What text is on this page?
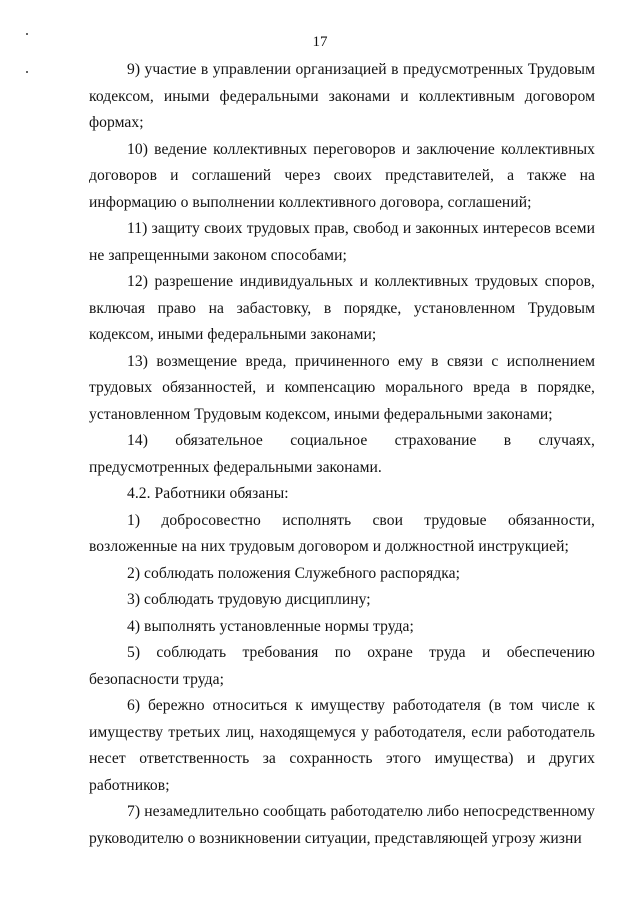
17

9) участие в управлении организацией в предусмотренных Трудовым кодексом, иными федеральными законами и коллективным договором формах;

10) ведение коллективных переговоров и заключение коллективных договоров и соглашений через своих представителей, а также на информацию о выполнении коллективного договора, соглашений;

11) защиту своих трудовых прав, свобод и законных интересов всеми не запрещенными законом способами;

12) разрешение индивидуальных и коллективных трудовых споров, включая право на забастовку, в порядке, установленном Трудовым кодексом, иными федеральными законами;

13) возмещение вреда, причиненного ему в связи с исполнением трудовых обязанностей, и компенсацию морального вреда в порядке, установленном Трудовым кодексом, иными федеральными законами;

14) обязательное социальное страхование в случаях, предусмотренных федеральными законами.

4.2. Работники обязаны:

1) добросовестно исполнять свои трудовые обязанности, возложенные на них трудовым договором и должностной инструкцией;

2) соблюдать положения Служебного распорядка;

3) соблюдать трудовую дисциплину;

4) выполнять установленные нормы труда;

5) соблюдать требования по охране труда и обеспечению безопасности труда;

6) бережно относиться к имуществу работодателя (в том числе к имуществу третьих лиц, находящемуся у работодателя, если работодатель несет ответственность за сохранность этого имущества) и других работников;

7) незамедлительно сообщать работодателю либо непосредственному руководителю о возникновении ситуации, представляющей угрозу жизни
